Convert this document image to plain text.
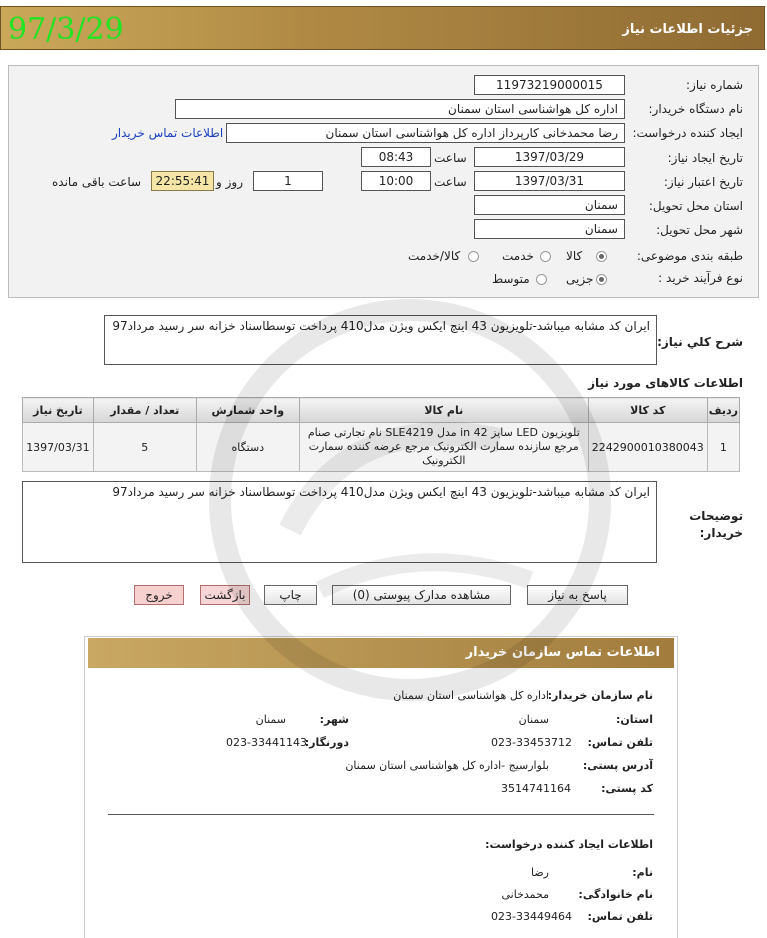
97/3/29	جزئیات اطلاعات نیاز
شماره نیاز:
1197321900001‎5
نام دستگاه خریدار:
اداره کل هواشناسی استان سمنان
ایجاد کننده درخواست:
رضا محمدخانی کارپرداز اداره کل هواشناسی استان سمنان
اطلاعات تماس خریدار
تاریخ ایجاد نیاز:
1397/03/29
ساعت
08:43
تاریخ اعتبار نیاز:
1397/03/31
ساعت
10:00
1
روز و
22:55:41
ساعت باقی مانده
استان محل تحویل:
سمنان
شهر محل تحویل:
سمنان
طبقه بندی موضوعی:
کالا
خدمت
کالا/خدمت
نوع فرآیند خرید :
جزیی
متوسط
شرح کلي نیاز:
ایران کد مشابه میباشد-تلویزیون 43 اینچ ایکس ویژن مدل410 پرداخت توسطاسناد خزانه سر رسید مرداد97
اطلاعات کالاهای مورد نیاز
ردیف	کد کالا	نام کالا	واحد شمارش	تعداد / مقدار	تاریخ نیاز
1	2242900010380043	تلویزیون LED سایز 42 in مدل SLE4219 نام تجارتی صنام مرجع سازنده سمارت الکترونیک مرجع عرضه کننده سمارت الکترونیک	دستگاه	5	1397/03/31
توضیحات خریدار:
ایران کد مشابه میباشد-تلویزیون 43 اینچ ایکس ویژن مدل410 پرداخت توسطاسناد خزانه سر رسید مرداد97
پاسخ به نیاز
مشاهده مدارک پیوستی (0)
چاپ
بازگشت
خروج
اطلاعات تماس سازمان خریدار
نام سازمان خریدار:
اداره کل هواشناسی استان سمنان
استان:
سمنان
شهر:
سمنان
تلفن تماس:
023-33453712
دورنگار:
023-33441143
آدرس پستی:
بلوارسیج -اداره کل هواشناسی استان سمنان
کد پستی:
3514741164
اطلاعات ایجاد کننده درخواست:
نام:
رضا
نام خانوادگی:
محمدخانی
تلفن تماس:
023-33449464
